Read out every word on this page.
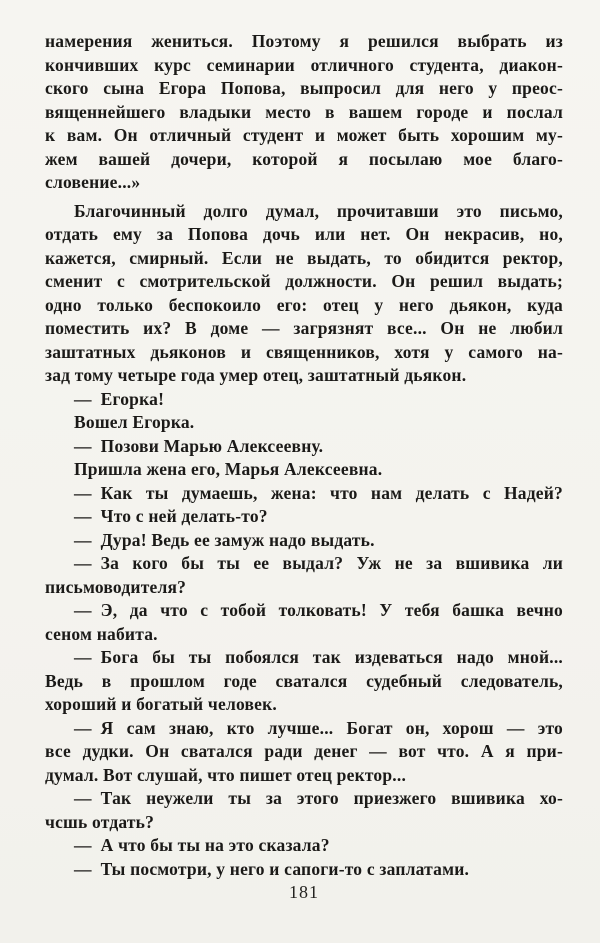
намерения жениться. Поэтому я решился выбрать из
кончивших курс семинарии отличного студента, диакон-
ского сына Егора Попова, выпросил для него у преос-
вященнейшего владыки место в вашем городе и послал
к вам. Он отличный студент и может быть хорошим му-
жем вашей дочери, которой я посылаю мое благо-
словение...»
Благочинный долго думал, прочитавши это письмо,
отдать ему за Попова дочь или нет. Он некрасив, но,
кажется, смирный. Если не выдать, то обидится ректор,
сменит с смотрительской должности. Он решил выдать;
одно только беспокоило его: отец у него дьякон, куда
поместить их? В доме — загрязнят все... Он не любил
заштатных дьяконов и священников, хотя у самого на-
зад тому четыре года умер отец, заштатный дьякон.
— Егорка!
Вошел Егорка.
— Позови Марью Алексеевну.
Пришла жена его, Марья Алексеевна.
— Как ты думаешь, жена: что нам делать с Надей?
— Что с ней делать-то?
— Дура! Ведь ее замуж надо выдать.
— За кого бы ты ее выдал? Уж не за вшивика ли
письмоводителя?
— Э, да что с тобой толковать! У тебя башка вечно
сеном набита.
— Бога бы ты побоялся так издеваться надо мной...
Ведь в прошлом годе сватался судебный следователь,
хороший и богатый человек.
— Я сам знаю, кто лучше... Богат он, хорош — это
все дудки. Он сватался ради денег — вот что. А я при-
думал. Вот слушай, что пишет отец ректор...
— Так неужели ты за этого приезжего вшивика хо-
чсшь отдать?
— А что бы ты на это сказала?
— Ты посмотри, у него и сапоги-то с заплатами.
181
